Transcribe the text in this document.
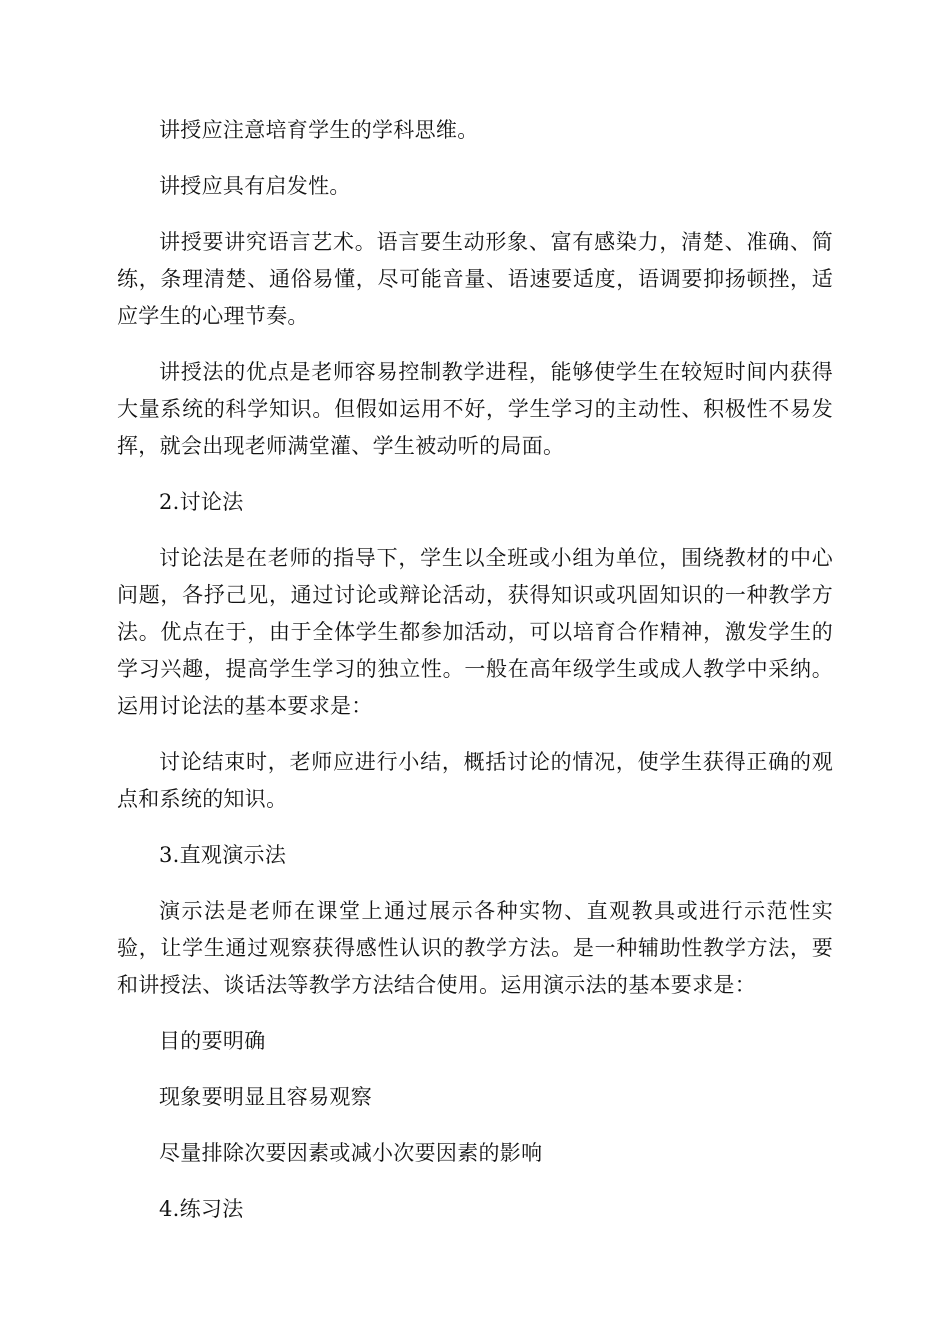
讲授应注意培育学生的学科思维。

讲授应具有启发性。

讲授要讲究语言艺术。语言要生动形象、富有感染力，清楚、准确、简练，条理清楚、通俗易懂，尽可能音量、语速要适度，语调要抑扬顿挫，适应学生的心理节奏。

讲授法的优点是老师容易控制教学进程，能够使学生在较短时间内获得大量系统的科学知识。但假如运用不好，学生学习的主动性、积极性不易发挥，就会出现老师满堂灌、学生被动听的局面。

2.讨论法

讨论法是在老师的指导下，学生以全班或小组为单位，围绕教材的中心问题，各抒己见，通过讨论或辩论活动，获得知识或巩固知识的一种教学方法。优点在于，由于全体学生都参加活动，可以培育合作精神，激发学生的学习兴趣，提高学生学习的独立性。一般在高年级学生或成人教学中采纳。运用讨论法的基本要求是：

讨论结束时，老师应进行小结，概括讨论的情况，使学生获得正确的观点和系统的知识。

3.直观演示法

演示法是老师在课堂上通过展示各种实物、直观教具或进行示范性实验，让学生通过观察获得感性认识的教学方法。是一种辅助性教学方法，要和讲授法、谈话法等教学方法结合使用。运用演示法的基本要求是：

目的要明确

现象要明显且容易观察

尽量排除次要因素或减小次要因素的影响

4.练习法
